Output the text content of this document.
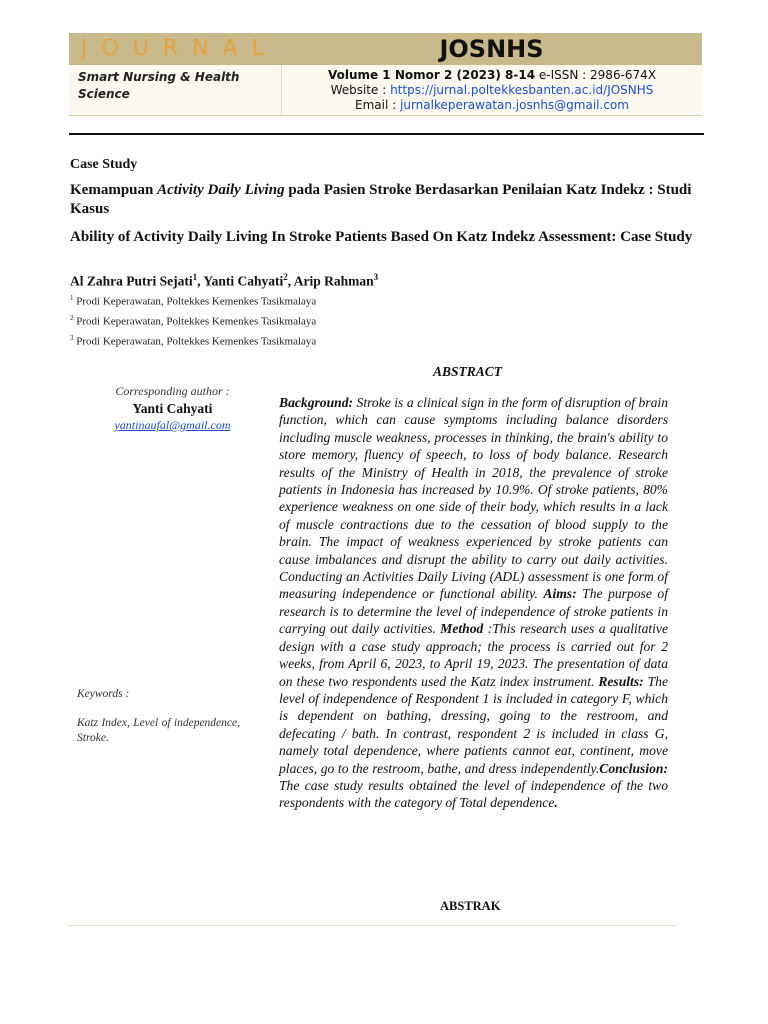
JOURNAL	JOSNHS
Smart Nursing & Health
Science
Volume 1 Nomor 2 (2023) 8-14 e-ISSN : 2986-674X
Website : https://jurnal.poltekkesbanten.ac.id/JOSNHS
Email : jurnalkeperawatan.josnhs@gmail.com
Case Study
Kemampuan Activity Daily Living pada Pasien Stroke Berdasarkan Penilaian Katz Indekz : Studi Kasus
Ability of Activity Daily Living In Stroke Patients Based On Katz Indekz Assessment: Case Study
Al Zahra Putri Sejati$^1$, Yanti Cahyati$^2$, Arip Rahman$^3$
$^1$ Prodi Keperawatan, Poltekkes Kemenkes Tasikmalaya
$^2$ Prodi Keperawatan, Poltekkes Kemenkes Tasikmalaya
$^3$ Prodi Keperawatan, Poltekkes Kemenkes Tasikmalaya
ABSTRACT
Corresponding author :
Yanti Cahyati
yantinaufal@gmail.com
Keywords :
Katz Index, Level of independence, Stroke.
Background: Stroke is a clinical sign in the form of disruption of brain function, which can cause symptoms including balance disorders including muscle weakness, processes in thinking, the brain's ability to store memory, fluency of speech, to loss of body balance. Research results of the Ministry of Health in 2018, the prevalence of stroke patients in Indonesia has increased by 10.9%. Of stroke patients, 80% experience weakness on one side of their body, which results in a lack of muscle contractions due to the cessation of blood supply to the brain. The impact of weakness experienced by stroke patients can cause imbalances and disrupt the ability to carry out daily activities. Conducting an Activities Daily Living (ADL) assessment is one form of measuring independence or functional ability. Aims: The purpose of research is to determine the level of independence of stroke patients in carrying out daily activities. Method :This research uses a qualitative design with a case study approach; the process is carried out for 2 weeks, from April 6, 2023, to April 19, 2023. The presentation of data on these two respondents used the Katz index instrument. Results: The level of independence of Respondent 1 is included in category F, which is dependent on bathing, dressing, going to the restroom, and defecating / bath. In contrast, respondent 2 is included in class G, namely total dependence, where patients cannot eat, continent, move places, go to the restroom, bathe, and dress independently.Conclusion: The case study results obtained the level of independence of the two respondents with the category of Total dependence.
ABSTRAK
